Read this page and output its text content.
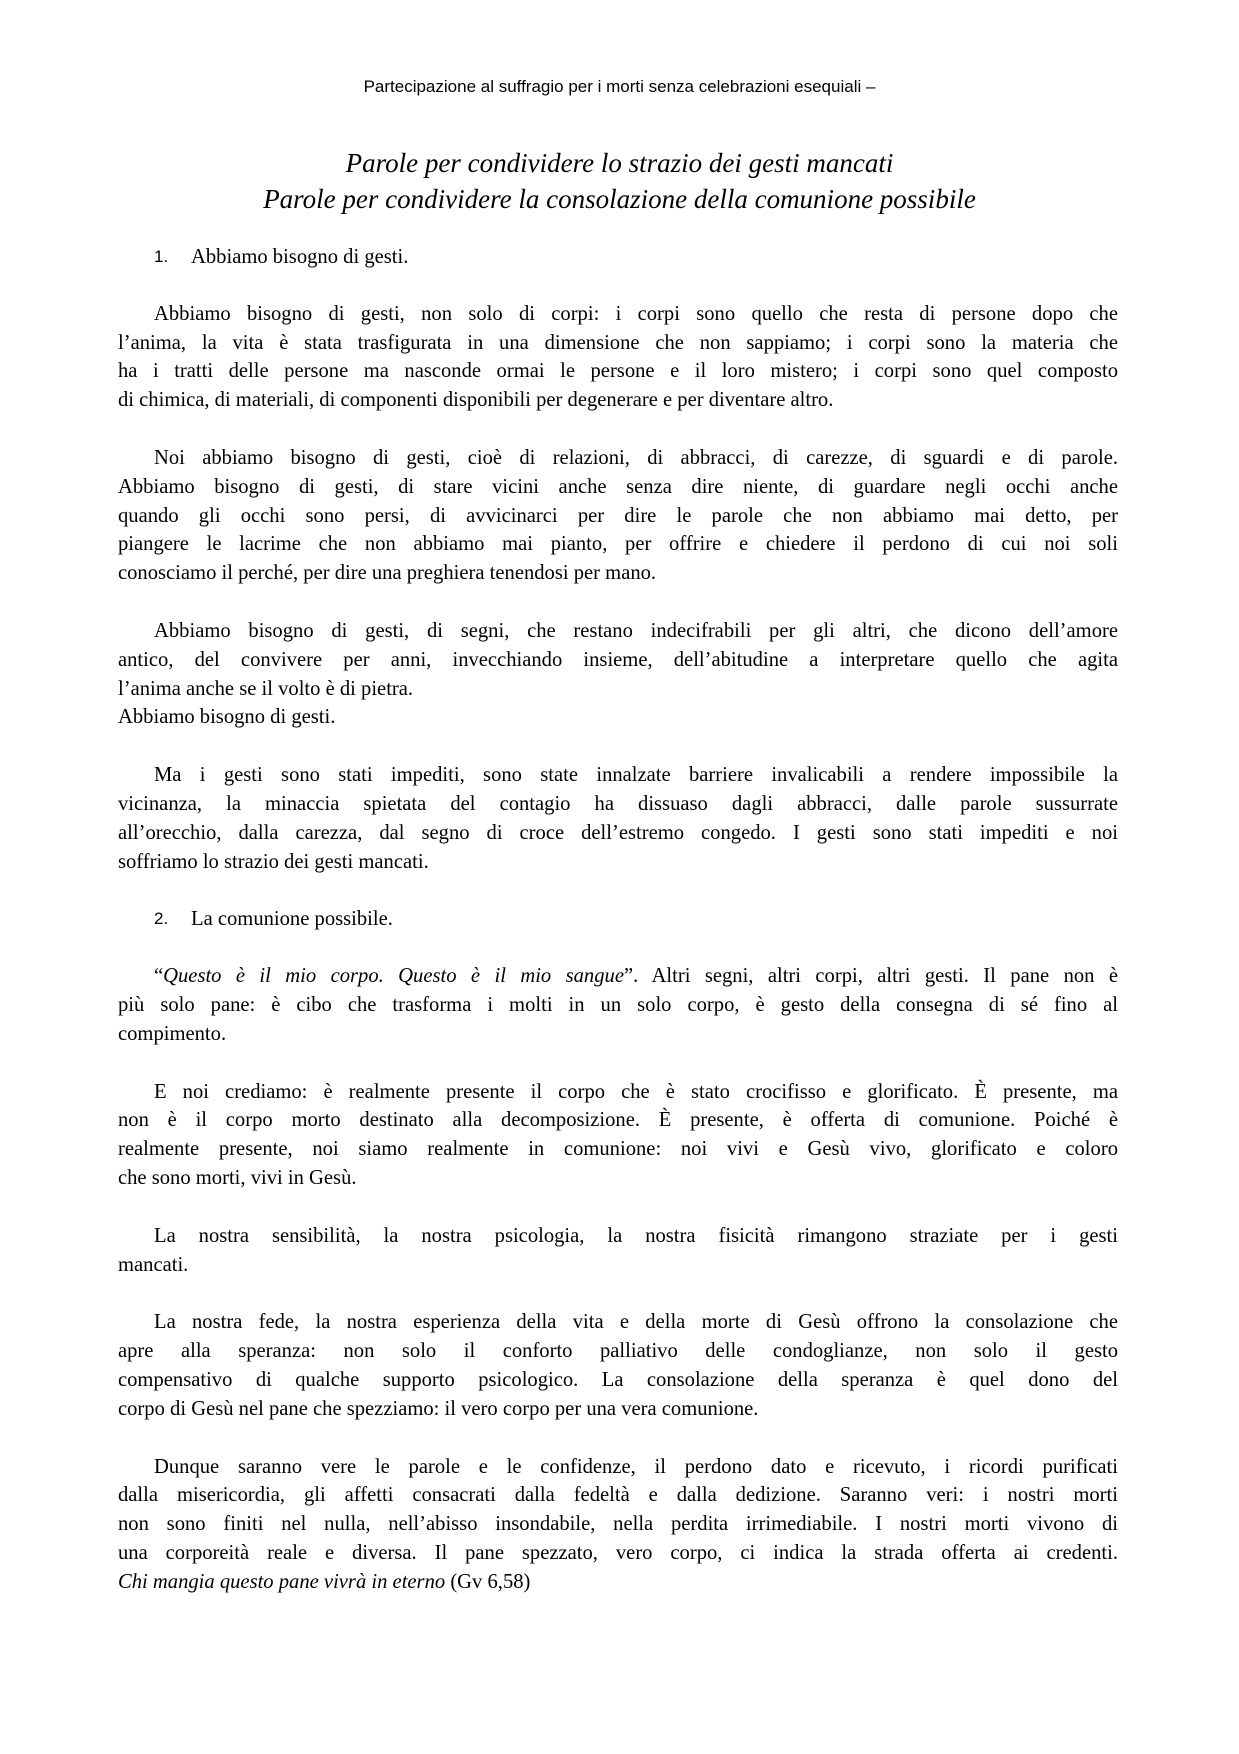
Partecipazione al suffragio per i morti senza celebrazioni esequiali –
Parole per condividere lo strazio dei gesti mancati
Parole per condividere la consolazione della comunione possibile
1.	Abbiamo bisogno di gesti.
Abbiamo bisogno di gesti, non solo di corpi: i corpi sono quello che resta di persone dopo che
l’anima, la vita è stata trasfigurata in una dimensione che non sappiamo; i corpi sono la materia che
ha i tratti delle persone ma nasconde ormai le persone e il loro mistero; i corpi sono quel composto
di chimica, di materiali, di componenti disponibili per degenerare e per diventare altro.
Noi abbiamo bisogno di gesti, cioè di relazioni, di abbracci, di carezze, di sguardi e di parole.
Abbiamo bisogno di gesti, di stare vicini anche senza dire niente, di guardare negli occhi anche
quando gli occhi sono persi, di avvicinarci per dire le parole che non abbiamo mai detto, per
piangere le lacrime che non abbiamo mai pianto, per offrire e chiedere il perdono di cui noi soli
conosciamo il perché, per dire una preghiera tenendosi per mano.
Abbiamo bisogno di gesti, di segni, che restano indecifrabili per gli altri, che dicono dell’amore
antico, del convivere per anni, invecchiando insieme, dell’abitudine a interpretare quello che agita
l’anima anche se il volto è di pietra.
Abbiamo bisogno di gesti.
Ma i gesti sono stati impediti, sono state innalzate barriere invalicabili a rendere impossibile la
vicinanza, la minaccia spietata del contagio ha dissuaso dagli abbracci, dalle parole sussurrate
all’orecchio, dalla carezza, dal segno di croce dell’estremo congedo. I gesti sono stati impediti e noi
soffriamo lo strazio dei gesti mancati.
2.	La comunione possibile.
“Questo è il mio corpo. Questo è il mio sangue”. Altri segni, altri corpi, altri gesti. Il pane non è
più solo pane: è cibo che trasforma i molti in un solo corpo, è gesto della consegna di sé fino al
compimento.
E noi crediamo: è realmente presente il corpo che è stato crocifisso e glorificato. È presente, ma
non è il corpo morto destinato alla decomposizione. È presente, è offerta di comunione. Poiché è
realmente presente, noi siamo realmente in comunione: noi vivi e Gesù vivo, glorificato e coloro
che sono morti, vivi in Gesù.
La nostra sensibilità, la nostra psicologia, la nostra fisicità rimangono straziate per i gesti
mancati.
La nostra fede, la nostra esperienza della vita e della morte di Gesù offrono la consolazione che
apre alla speranza: non solo il conforto palliativo delle condoglianze, non solo il gesto
compensativo di qualche supporto psicologico. La consolazione della speranza è quel dono del
corpo di Gesù nel pane che spezziamo: il vero corpo per una vera comunione.
Dunque saranno vere le parole e le confidenze, il perdono dato e ricevuto, i ricordi purificati
dalla misericordia, gli affetti consacrati dalla fedeltà e dalla dedizione. Saranno veri: i nostri morti
non sono finiti nel nulla, nell’abisso insondabile, nella perdita irrimediabile. I nostri morti vivono di
una corporeità reale e diversa. Il pane spezzato, vero corpo, ci indica la strada offerta ai credenti.
Chi mangia questo pane vivrà in eterno (Gv 6,58)
